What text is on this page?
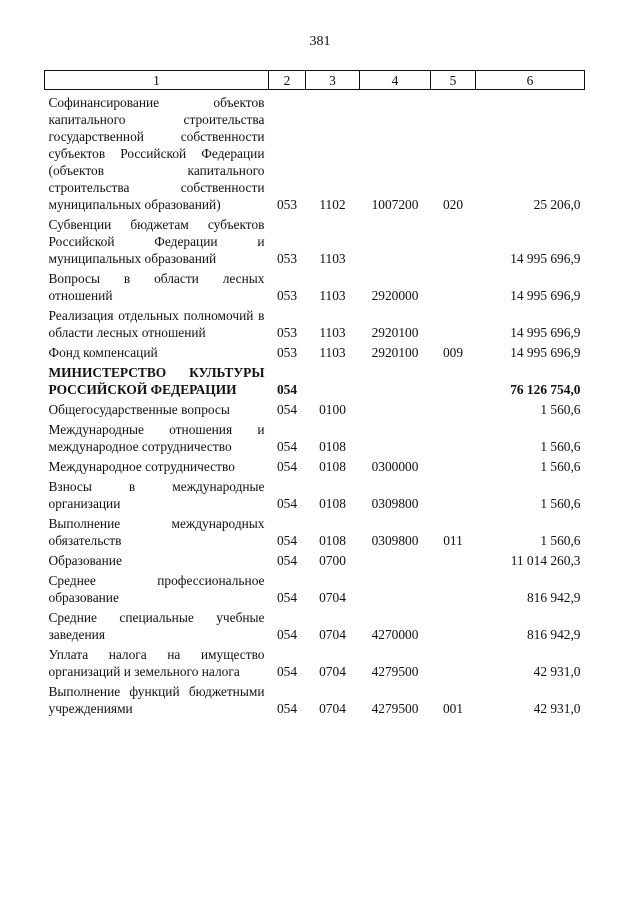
381
1	2	3	4	5	6
Софинансирование объектов капитального строительства государственной собственности субъектов Российской Федерации (объектов капитального строительства собственности муниципальных образований)	053	1102	1007200	020	25 206,0
Субвенции бюджетам субъектов Российской Федерации и муниципальных образований	053	1103			14 995 696,9
Вопросы в области лесных отношений	053	1103	2920000		14 995 696,9
Реализация отдельных полномочий в области лесных отношений	053	1103	2920100		14 995 696,9
Фонд компенсаций	053	1103	2920100	009	14 995 696,9
МИНИСТЕРСТВО КУЛЬТУРЫ РОССИЙСКОЙ ФЕДЕРАЦИИ	054				76 126 754,0
Общегосударственные вопросы	054	0100			1 560,6
Международные отношения и международное сотрудничество	054	0108			1 560,6
Международное сотрудничество	054	0108	0300000		1 560,6
Взносы в международные организации	054	0108	0309800		1 560,6
Выполнение международных обязательств	054	0108	0309800	011	1 560,6
Образование	054	0700			11 014 260,3
Среднее профессиональное образование	054	0704			816 942,9
Средние специальные учебные заведения	054	0704	4270000		816 942,9
Уплата налога на имущество организаций и земельного налога	054	0704	4279500		42 931,0
Выполнение функций бюджетными учреждениями	054	0704	4279500	001	42 931,0
